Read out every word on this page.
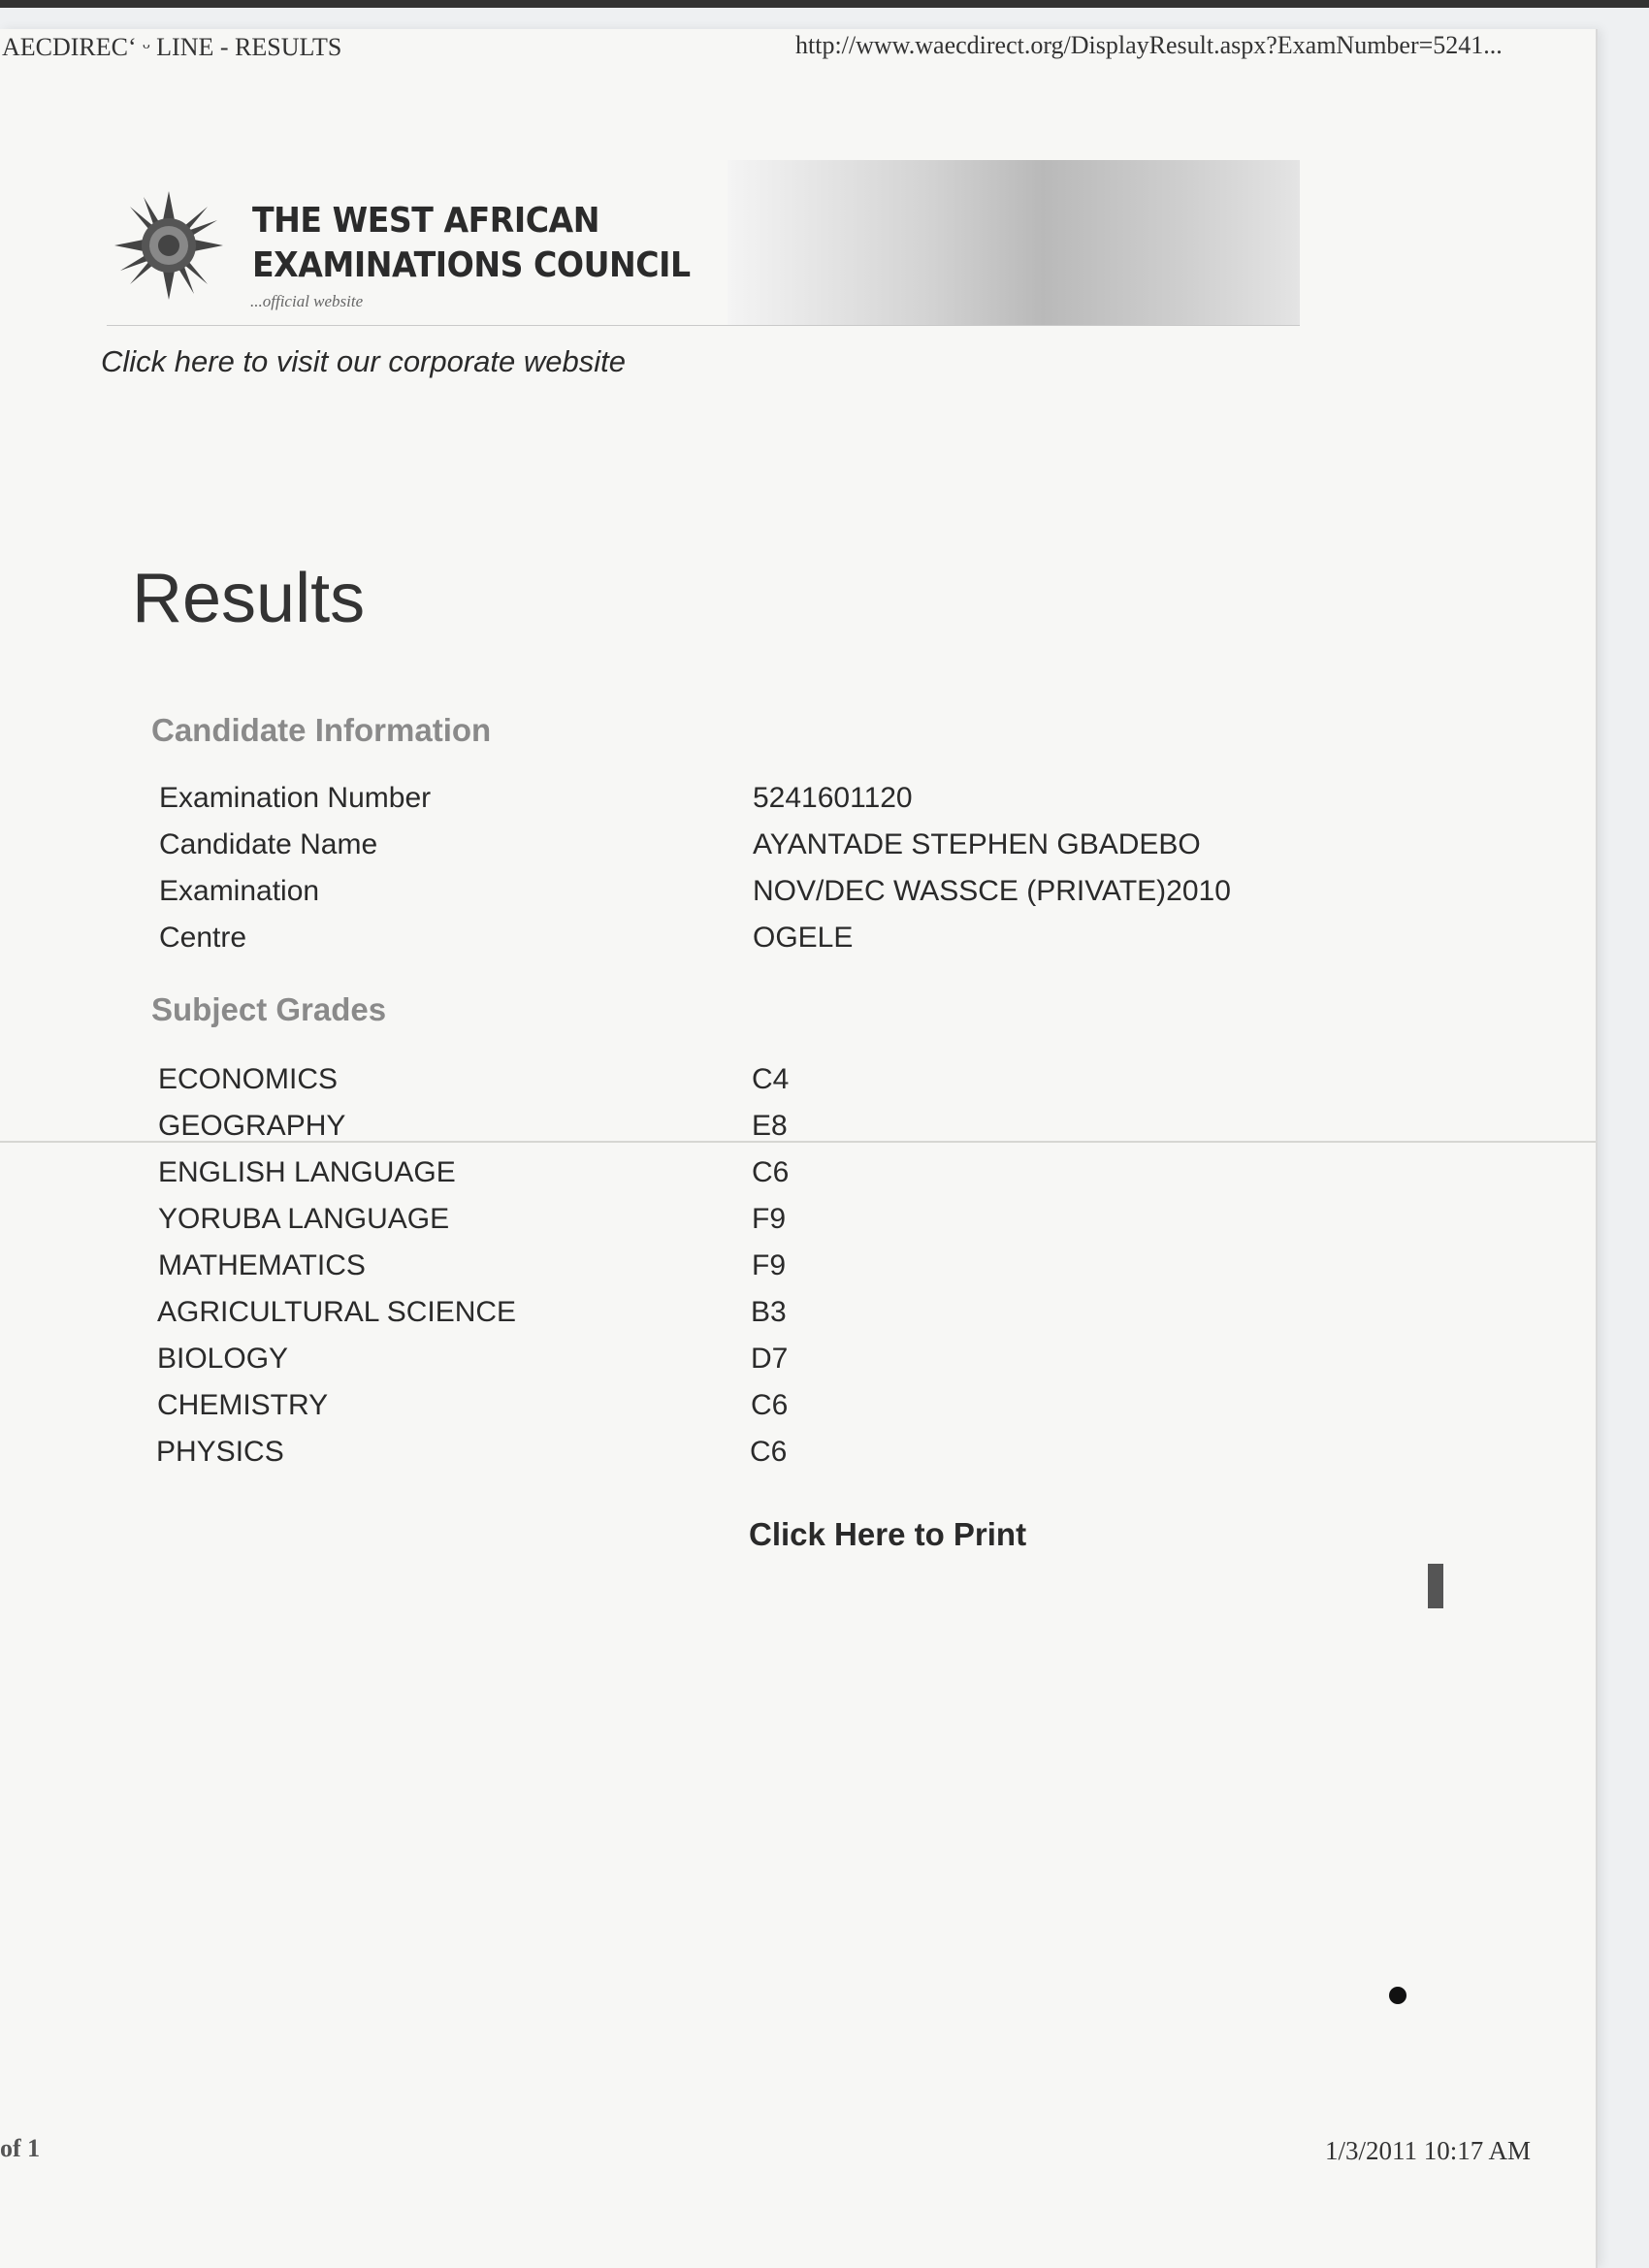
AECDIRECʻ ᵕ LINE - RESULTS	http://www.waecdirect.org/DisplayResult.aspx?ExamNumber=5241...
THE WEST AFRICAN
EXAMINATIONS COUNCIL
...official website
Click here to visit our corporate website
Results
Candidate Information
Examination Number	5241601120
Candidate Name	AYANTADE STEPHEN GBADEBO
Examination	NOV/DEC WASSCE (PRIVATE)2010
Centre	OGELE
Subject Grades
ECONOMICS	C4
GEOGRAPHY	E8
ENGLISH LANGUAGE	C6
YORUBA LANGUAGE	F9
MATHEMATICS	F9
AGRICULTURAL SCIENCE	B3
BIOLOGY	D7
CHEMISTRY	C6
PHYSICS	C6
Click Here to Print
of 1	1/3/2011 10:17 AM
